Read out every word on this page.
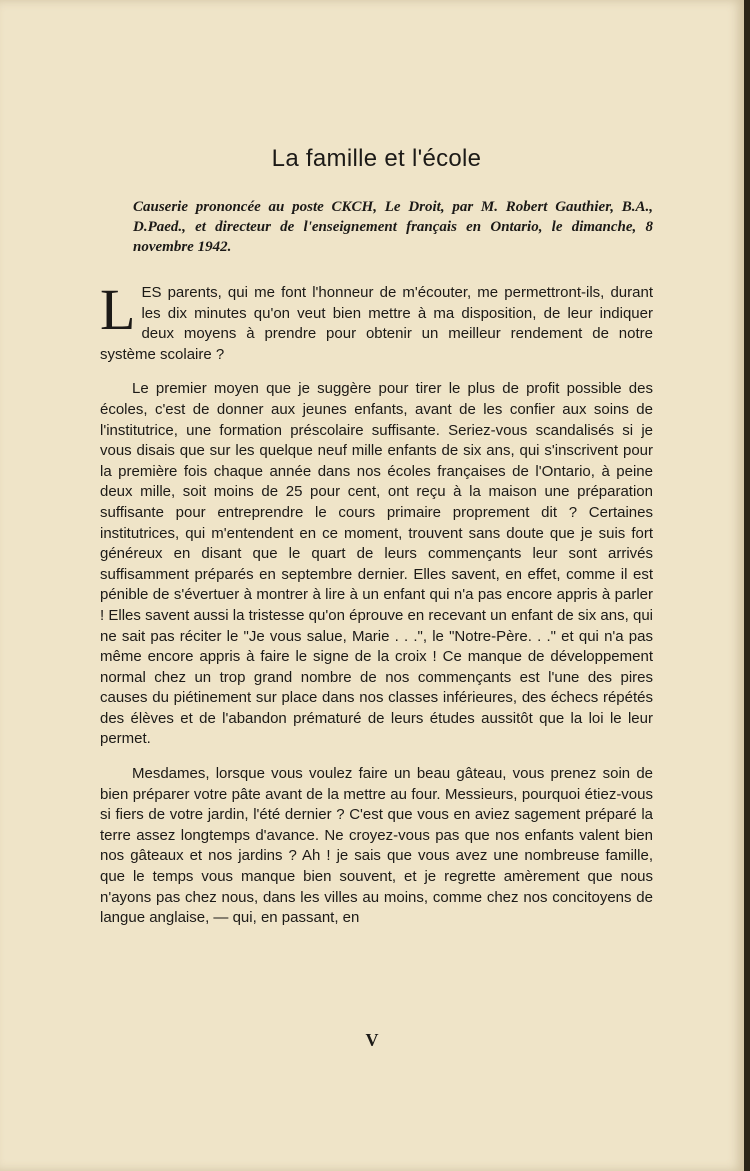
La famille et l'école

Causerie prononcée au poste CKCH, Le Droit, par M. Robert Gauthier, B.A., D.Paed., et directeur de l'enseignement français en Ontario, le dimanche, 8 novembre 1942.

LES parents, qui me font l'honneur de m'écouter, me permettront-ils, durant les dix minutes qu'on veut bien mettre à ma disposition, de leur indiquer deux moyens à prendre pour obtenir un meilleur rendement de notre système scolaire ?

Le premier moyen que je suggère pour tirer le plus de profit possible des écoles, c'est de donner aux jeunes enfants, avant de les confier aux soins de l'institutrice, une formation préscolaire suffisante. Seriez-vous scandalisés si je vous disais que sur les quelque neuf mille enfants de six ans, qui s'inscrivent pour la première fois chaque année dans nos écoles françaises de l'Ontario, à peine deux mille, soit moins de 25 pour cent, ont reçu à la maison une préparation suffisante pour entreprendre le cours primaire proprement dit ? Certaines institutrices, qui m'entendent en ce moment, trouvent sans doute que je suis fort généreux en disant que le quart de leurs commençants leur sont arrivés suffisamment préparés en septembre dernier. Elles savent, en effet, comme il est pénible de s'évertuer à montrer à lire à un enfant qui n'a pas encore appris à parler ! Elles savent aussi la tristesse qu'on éprouve en recevant un enfant de six ans, qui ne sait pas réciter le "Je vous salue, Marie . . .", le "Notre-Père. . ." et qui n'a pas même encore appris à faire le signe de la croix ! Ce manque de développement normal chez un trop grand nombre de nos commençants est l'une des pires causes du piétinement sur place dans nos classes inférieures, des échecs répétés des élèves et de l'abandon prématuré de leurs études aussitôt que la loi le leur permet.

Mesdames, lorsque vous voulez faire un beau gâteau, vous prenez soin de bien préparer votre pâte avant de la mettre au four. Messieurs, pourquoi étiez-vous si fiers de votre jardin, l'été dernier ? C'est que vous en aviez sagement préparé la terre assez longtemps d'avance. Ne croyez-vous pas que nos enfants valent bien nos gâteaux et nos jardins ? Ah ! je sais que vous avez une nombreuse famille, que le temps vous manque bien souvent, et je regrette amèrement que nous n'ayons pas chez nous, dans les villes au moins, comme chez nos concitoyens de langue anglaise, — qui, en passant, en

V
